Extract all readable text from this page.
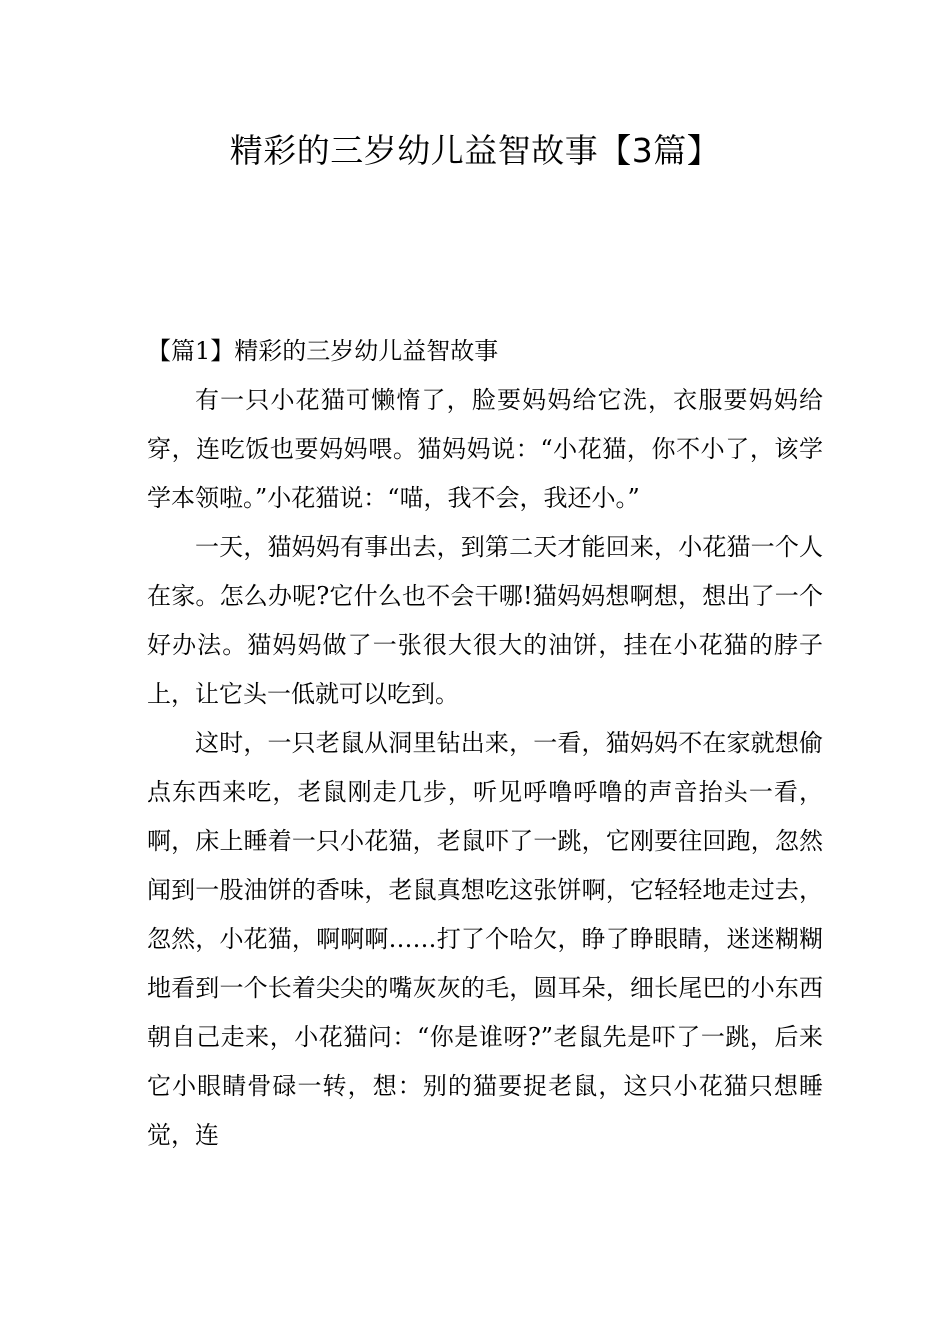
精彩的三岁幼儿益智故事【3篇】

【篇1】精彩的三岁幼儿益智故事

有一只小花猫可懒惰了，脸要妈妈给它洗，衣服要妈妈给穿，连吃饭也要妈妈喂。猫妈妈说：“小花猫，你不小了，该学学本领啦。”小花猫说：“喵，我不会，我还小。”

一天，猫妈妈有事出去，到第二天才能回来，小花猫一个人在家。怎么办呢?它什么也不会干哪!猫妈妈想啊想，想出了一个好办法。猫妈妈做了一张很大很大的油饼，挂在小花猫的脖子上，让它头一低就可以吃到。

这时，一只老鼠从洞里钻出来，一看，猫妈妈不在家就想偷点东西来吃，老鼠刚走几步，听见呼噜呼噜的声音抬头一看，啊，床上睡着一只小花猫，老鼠吓了一跳，它刚要往回跑，忽然闻到一股油饼的香味，老鼠真想吃这张饼啊，它轻轻地走过去，忽然，小花猫，啊啊啊……打了个哈欠，睁了睁眼睛，迷迷糊糊地看到一个长着尖尖的嘴灰灰的毛，圆耳朵，细长尾巴的小东西朝自己走来，小花猫问：“你是谁呀?”老鼠先是吓了一跳，后来它小眼睛骨碌一转，想：别的猫要捉老鼠，这只小花猫只想睡觉，连
